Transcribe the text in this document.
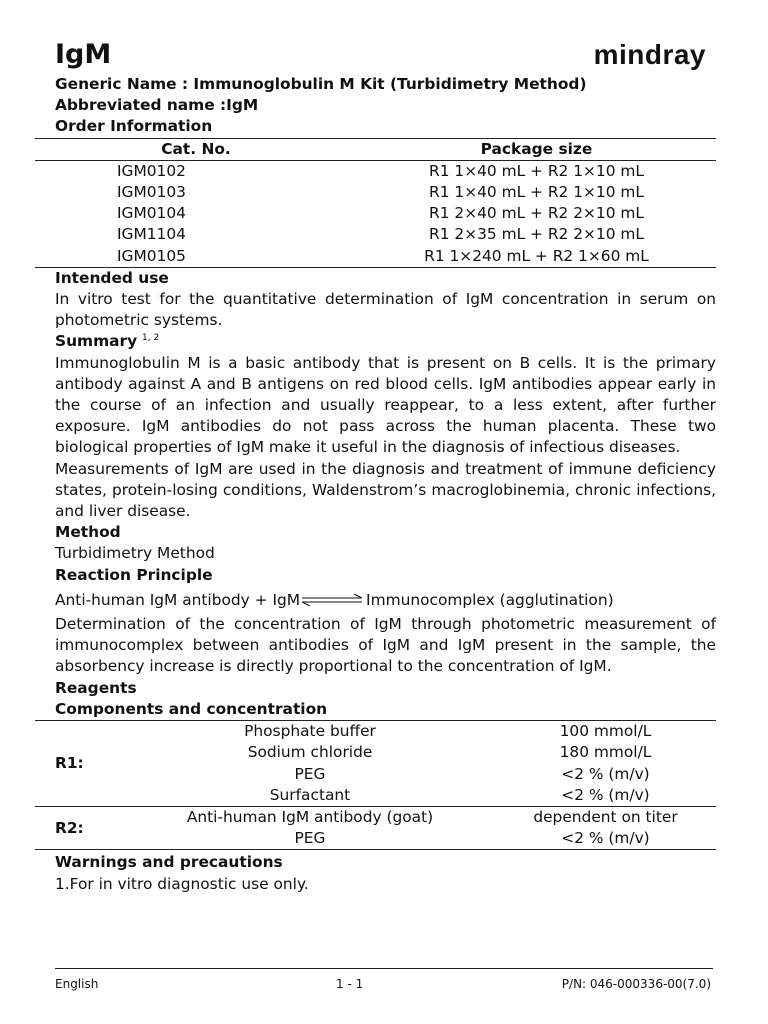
IgM	mindray
Generic Name : Immunoglobulin M Kit (Turbidimetry Method)
Abbreviated name :IgM
Order Information
Cat. No.	Package size
IGM0102	R1 1×40 mL + R2 1×10 mL
IGM0103	R1 1×40 mL + R2 1×10 mL
IGM0104	R1 2×40 mL + R2 2×10 mL
IGM1104	R1 2×35 mL + R2 2×10 mL
IGM0105	R1 1×240 mL + R2 1×60 mL
Intended use
In vitro test for the quantitative determination of IgM concentration in serum on photometric systems.
Summary $^{1, 2}$
Immunoglobulin M is a basic antibody that is present on B cells. It is the primary antibody against A and B antigens on red blood cells. IgM antibodies appear early in the course of an infection and usually reappear, to a less extent, after further exposure. IgM antibodies do not pass across the human placenta. These two biological properties of IgM make it useful in the diagnosis of infectious diseases.
Measurements of IgM are used in the diagnosis and treatment of immune deficiency states, protein-losing conditions, Waldenstrom’s macroglobinemia, chronic infections, and liver disease.
Method
Turbidimetry Method
Reaction Principle
Anti-human IgM antibody + IgM	Immunocomplex (agglutination)
Determination of the concentration of IgM through photometric measurement of immunocomplex between antibodies of IgM and IgM present in the sample, the absorbency increase is directly proportional to the concentration of IgM.
Reagents
Components and concentration
R1:	Phosphate buffer	100 mmol/L
	Sodium chloride	180 mmol/L
	PEG	<2 % (m/v)
	Surfactant	<2 % (m/v)
R2:	Anti-human IgM antibody (goat)	dependent on titer
	PEG	<2 % (m/v)
Warnings and precautions
1.For in vitro diagnostic use only.
English	1 - 1	P/N: 046-000336-00(7.0)
